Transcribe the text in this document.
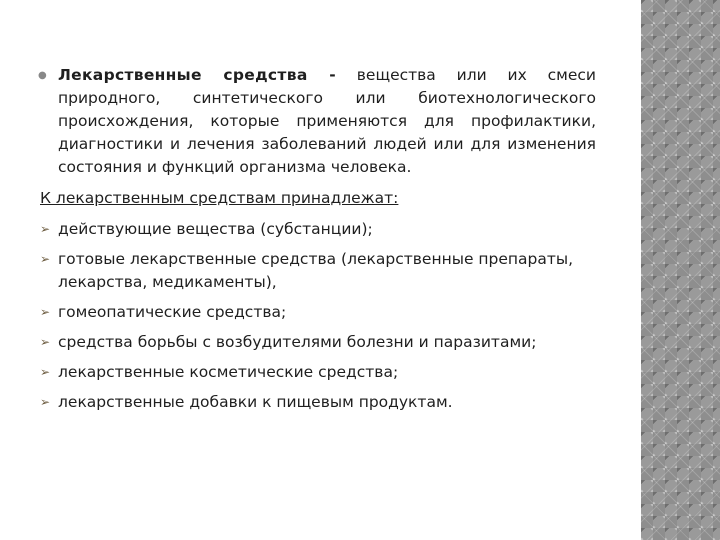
● Лекарственные средства - вещества или их смеси природного, синтетического или биотехнологического происхождения, которые применяются для профилактики, диагностики и лечения заболеваний людей или для изменения состояния и функций организма человека.
К лекарственным средствам принадлежат:
➢ действующие вещества (субстанции);
➢ готовые лекарственные средства (лекарственные препараты, лекарства, медикаменты),
➢ гомеопатические средства;
➢ средства борьбы с возбудителями болезни и паразитами;
➢ лекарственные косметические средства;
➢ лекарственные добавки к пищевым продуктам.
